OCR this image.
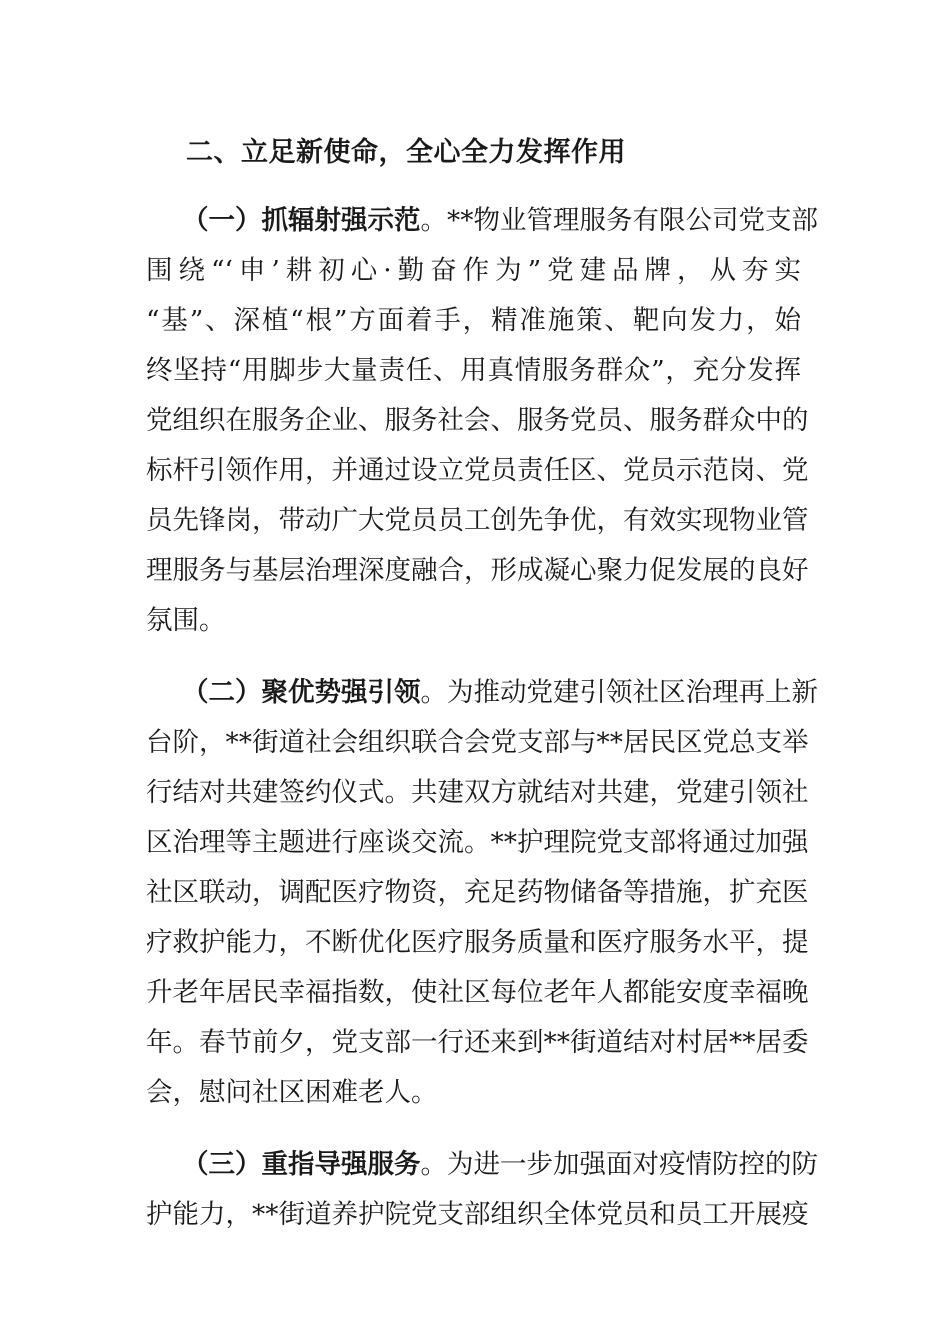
二、立足新使命，全心全力发挥作用
（一）抓辐射强示范。**物业管理服务有限公司党支部
围绕“‘申’耕初心·勤奋作为”党建品牌，从夯实
“基”、深植“根”方面着手，精准施策、靶向发力，始
终坚持“用脚步大量责任、用真情服务群众”，充分发挥
党组织在服务企业、服务社会、服务党员、服务群众中的
标杆引领作用，并通过设立党员责任区、党员示范岗、党
员先锋岗，带动广大党员员工创先争优，有效实现物业管
理服务与基层治理深度融合，形成凝心聚力促发展的良好
氛围。
（二）聚优势强引领。为推动党建引领社区治理再上新
台阶，**街道社会组织联合会党支部与**居民区党总支举
行结对共建签约仪式。共建双方就结对共建，党建引领社
区治理等主题进行座谈交流。**护理院党支部将通过加强
社区联动，调配医疗物资，充足药物储备等措施，扩充医
疗救护能力，不断优化医疗服务质量和医疗服务水平，提
升老年居民幸福指数，使社区每位老年人都能安度幸福晚
年。春节前夕，党支部一行还来到**街道结对村居**居委
会，慰问社区困难老人。
（三）重指导强服务。为进一步加强面对疫情防控的防
护能力，**街道养护院党支部组织全体党员和员工开展疫
